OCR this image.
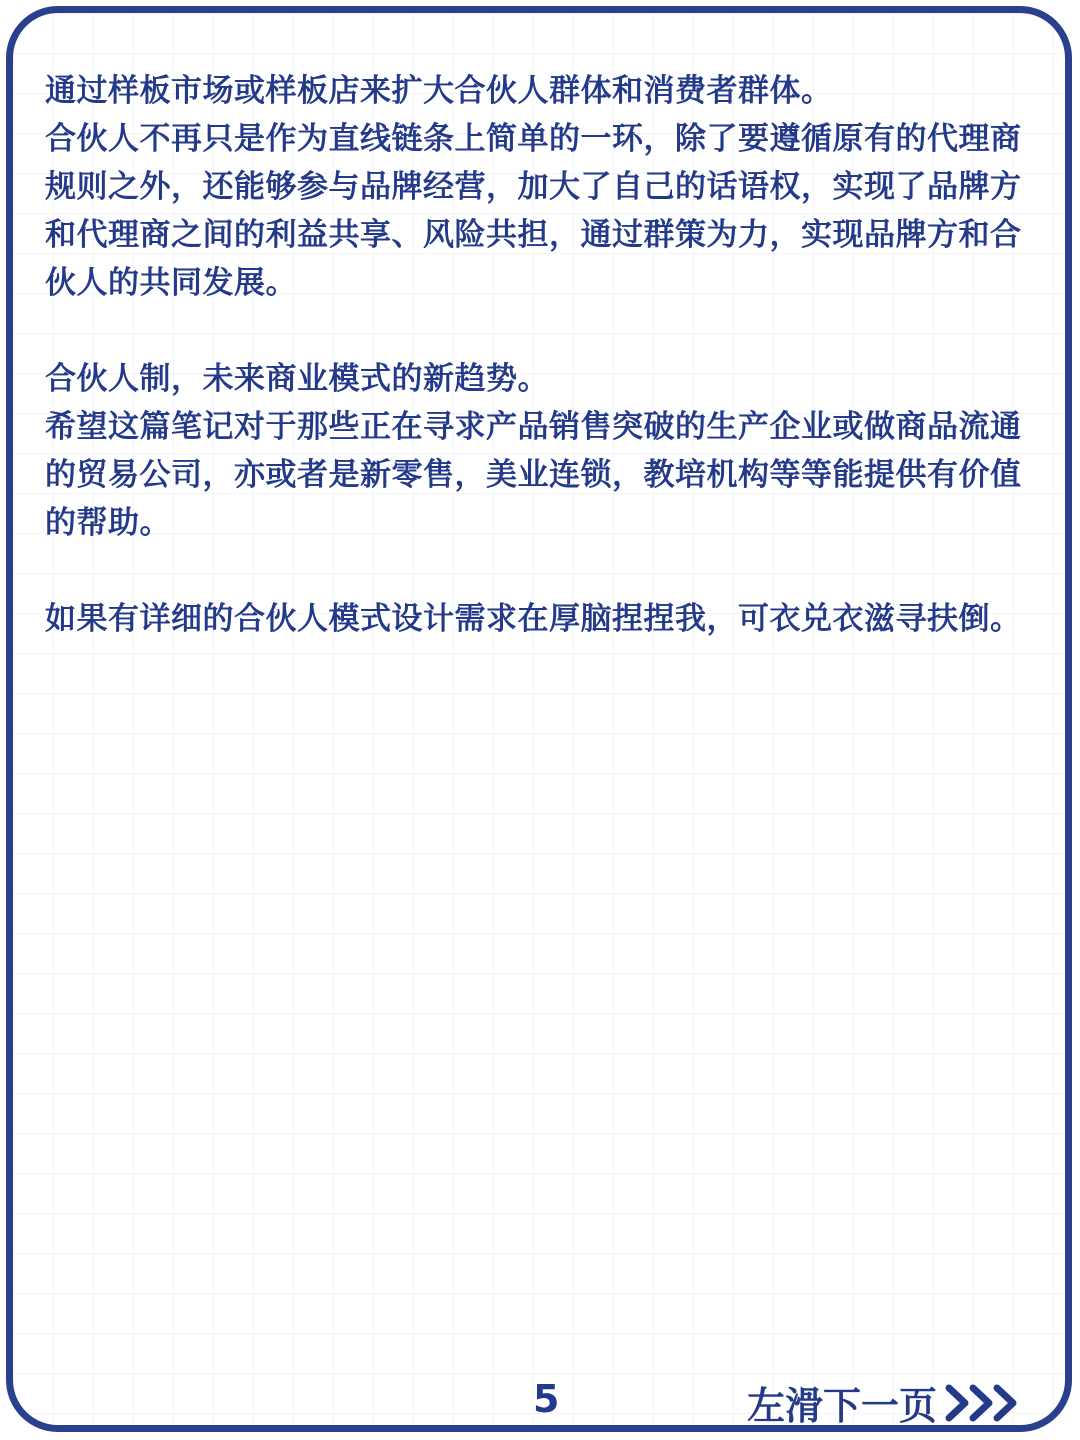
通过样板市场或样板店来扩大合伙人群体和消费者群体。

合伙人不再只是作为直线链条上简单的一环，除了要遵循原有的代理商规则之外，还能够参与品牌经营，加大了自己的话语权，实现了品牌方和代理商之间的利益共享、风险共担，通过群策为力，实现品牌方和合伙人的共同发展。

合伙人制，未来商业模式的新趋势。

希望这篇笔记对于那些正在寻求产品销售突破的生产企业或做商品流通的贸易公司，亦或者是新零售，美业连锁，教培机构等等能提供有价值的帮助。

如果有详细的合伙人模式设计需求在厚脑捏捏我，可衣兑衣滋寻扶倒。

5	左滑下一页
